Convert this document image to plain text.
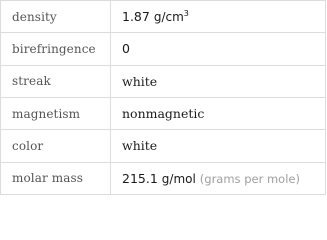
density	1.87 $g/cm^3$
birefringence	0
streak	white
magnetism	nonmagnetic
color	white
molar mass	215.1 g/mol (grams per mole)
